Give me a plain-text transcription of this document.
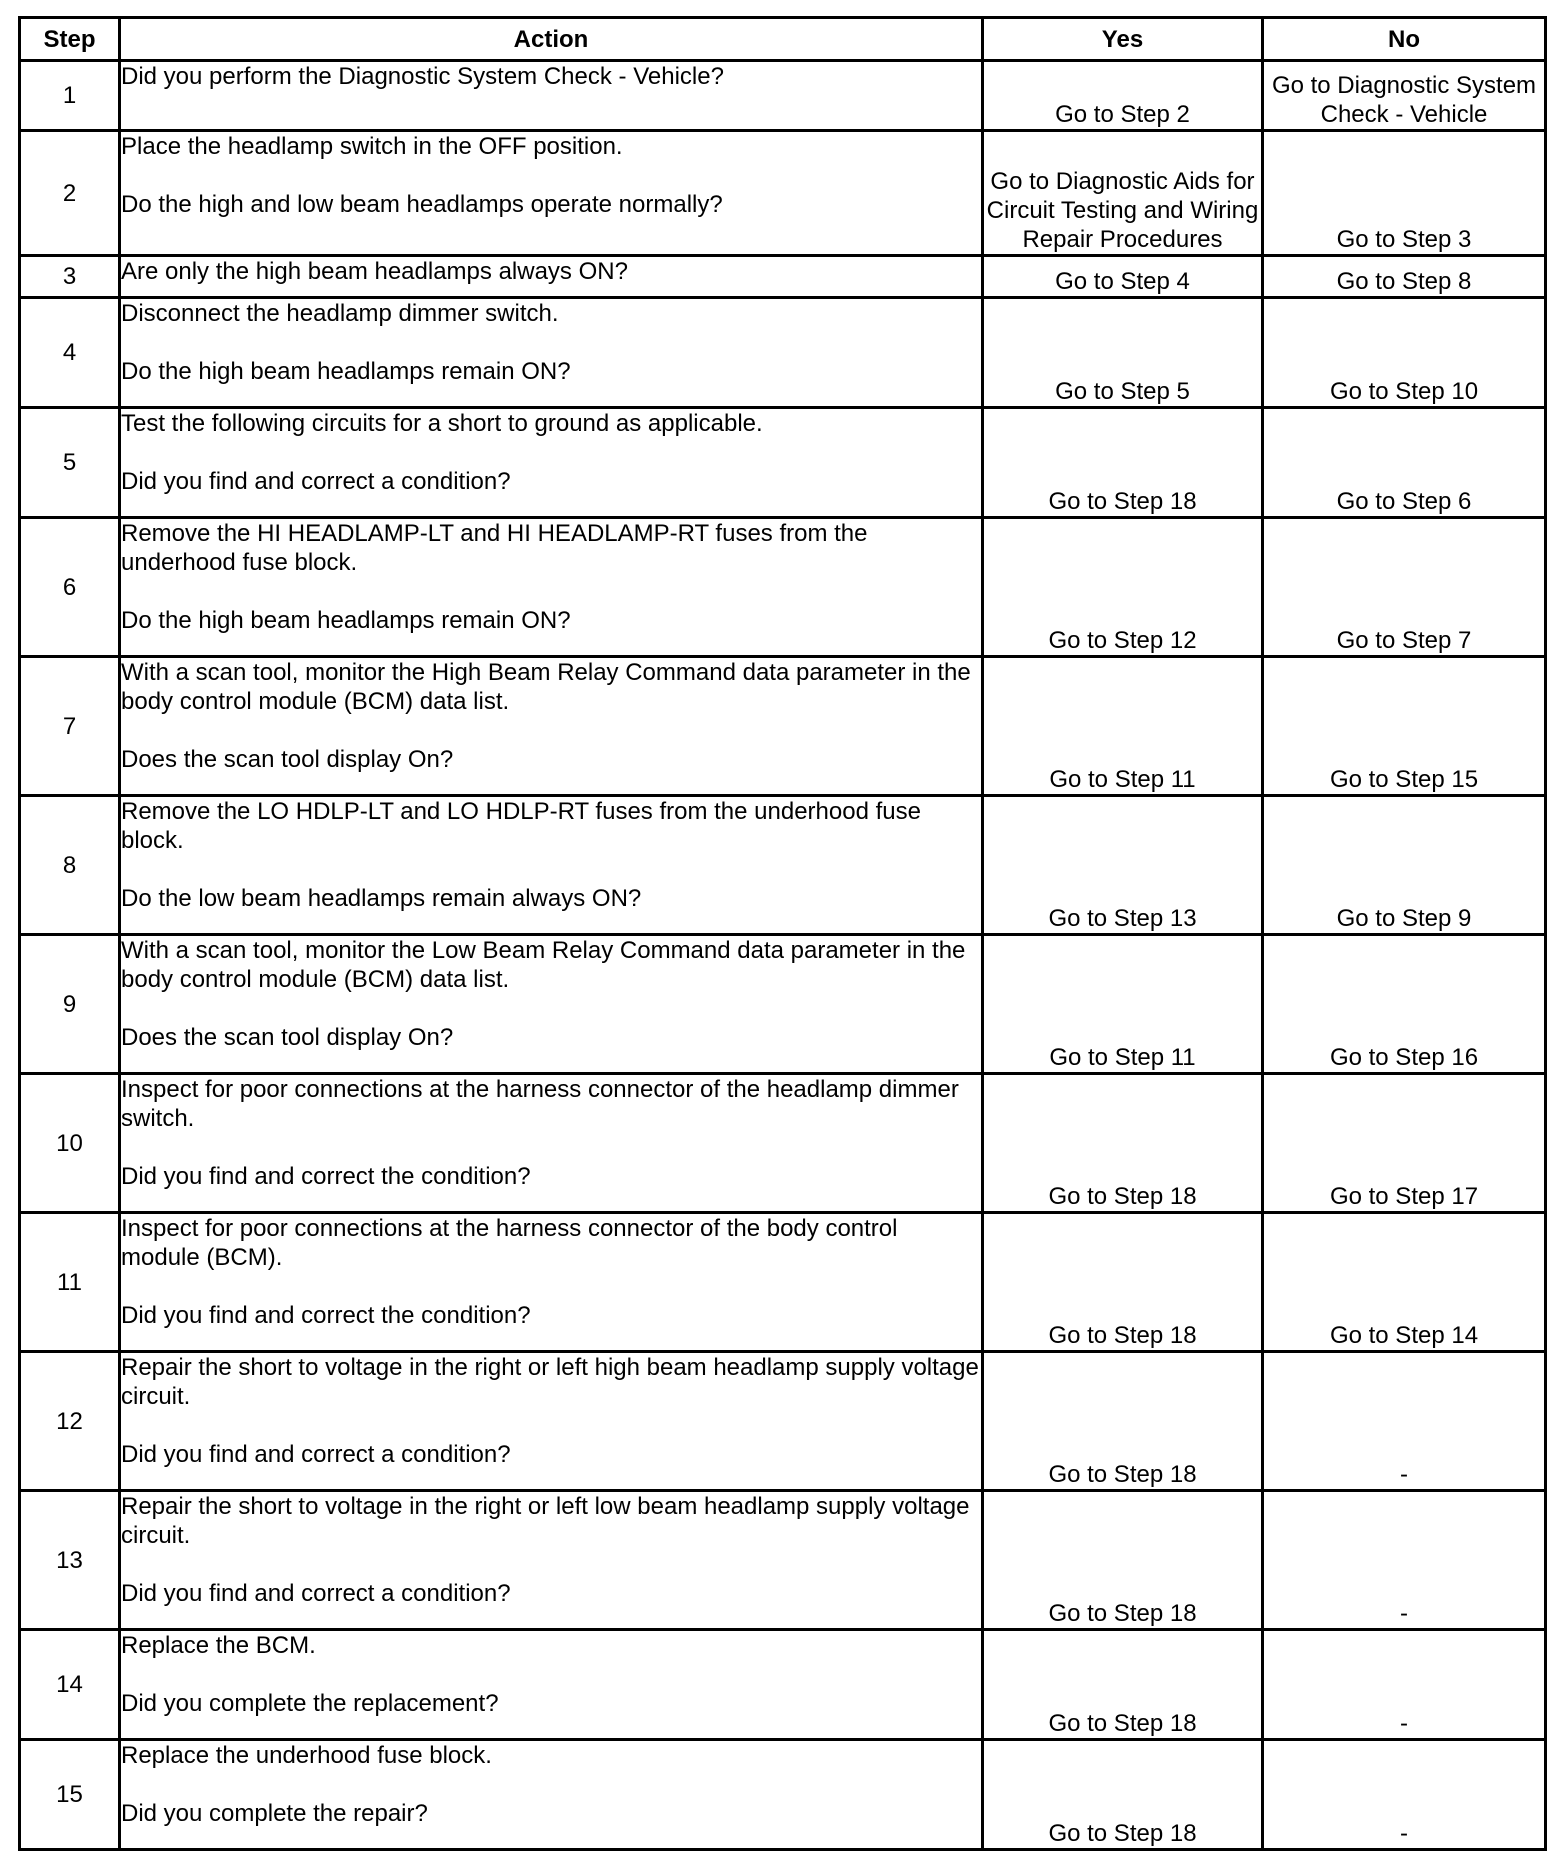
Step	Action	Yes	No
1	Did you perform the Diagnostic System Check - Vehicle?	Go to Step 2	Go to Diagnostic System Check - Vehicle

2	Place the headlamp switch in the OFF position.
Do the high and low beam headlamps operate normally?	Go to Diagnostic Aids for Circuit Testing and Wiring Repair Procedures	Go to Step 3

3	Are only the high beam headlamps always ON?	Go to Step 4	Go to Step 8

4	Disconnect the headlamp dimmer switch.
Do the high beam headlamps remain ON?	Go to Step 5	Go to Step 10

5	Test the following circuits for a short to ground as applicable.
Did you find and correct a condition?	Go to Step 18	Go to Step 6

6	Remove the HI HEADLAMP-LT and HI HEADLAMP-RT fuses from the underhood fuse block.
Do the high beam headlamps remain ON?	Go to Step 12	Go to Step 7

7	With a scan tool, monitor the High Beam Relay Command data parameter in the body control module (BCM) data list.
Does the scan tool display On?	Go to Step 11	Go to Step 15

8	Remove the LO HDLP-LT and LO HDLP-RT fuses from the underhood fuse block.
Do the low beam headlamps remain always ON?	Go to Step 13	Go to Step 9

9	With a scan tool, monitor the Low Beam Relay Command data parameter in the body control module (BCM) data list.
Does the scan tool display On?	Go to Step 11	Go to Step 16

10	Inspect for poor connections at the harness connector of the headlamp dimmer switch.
Did you find and correct the condition?	Go to Step 18	Go to Step 17

11	Inspect for poor connections at the harness connector of the body control module (BCM).
Did you find and correct the condition?	Go to Step 18	Go to Step 14

12	Repair the short to voltage in the right or left high beam headlamp supply voltage circuit.
Did you find and correct a condition?	Go to Step 18	-

13	Repair the short to voltage in the right or left low beam headlamp supply voltage circuit.
Did you find and correct a condition?	Go to Step 18	-

14	Replace the BCM.
Did you complete the replacement?	Go to Step 18	-

15	Replace the underhood fuse block.
Did you complete the repair?	Go to Step 18	-
